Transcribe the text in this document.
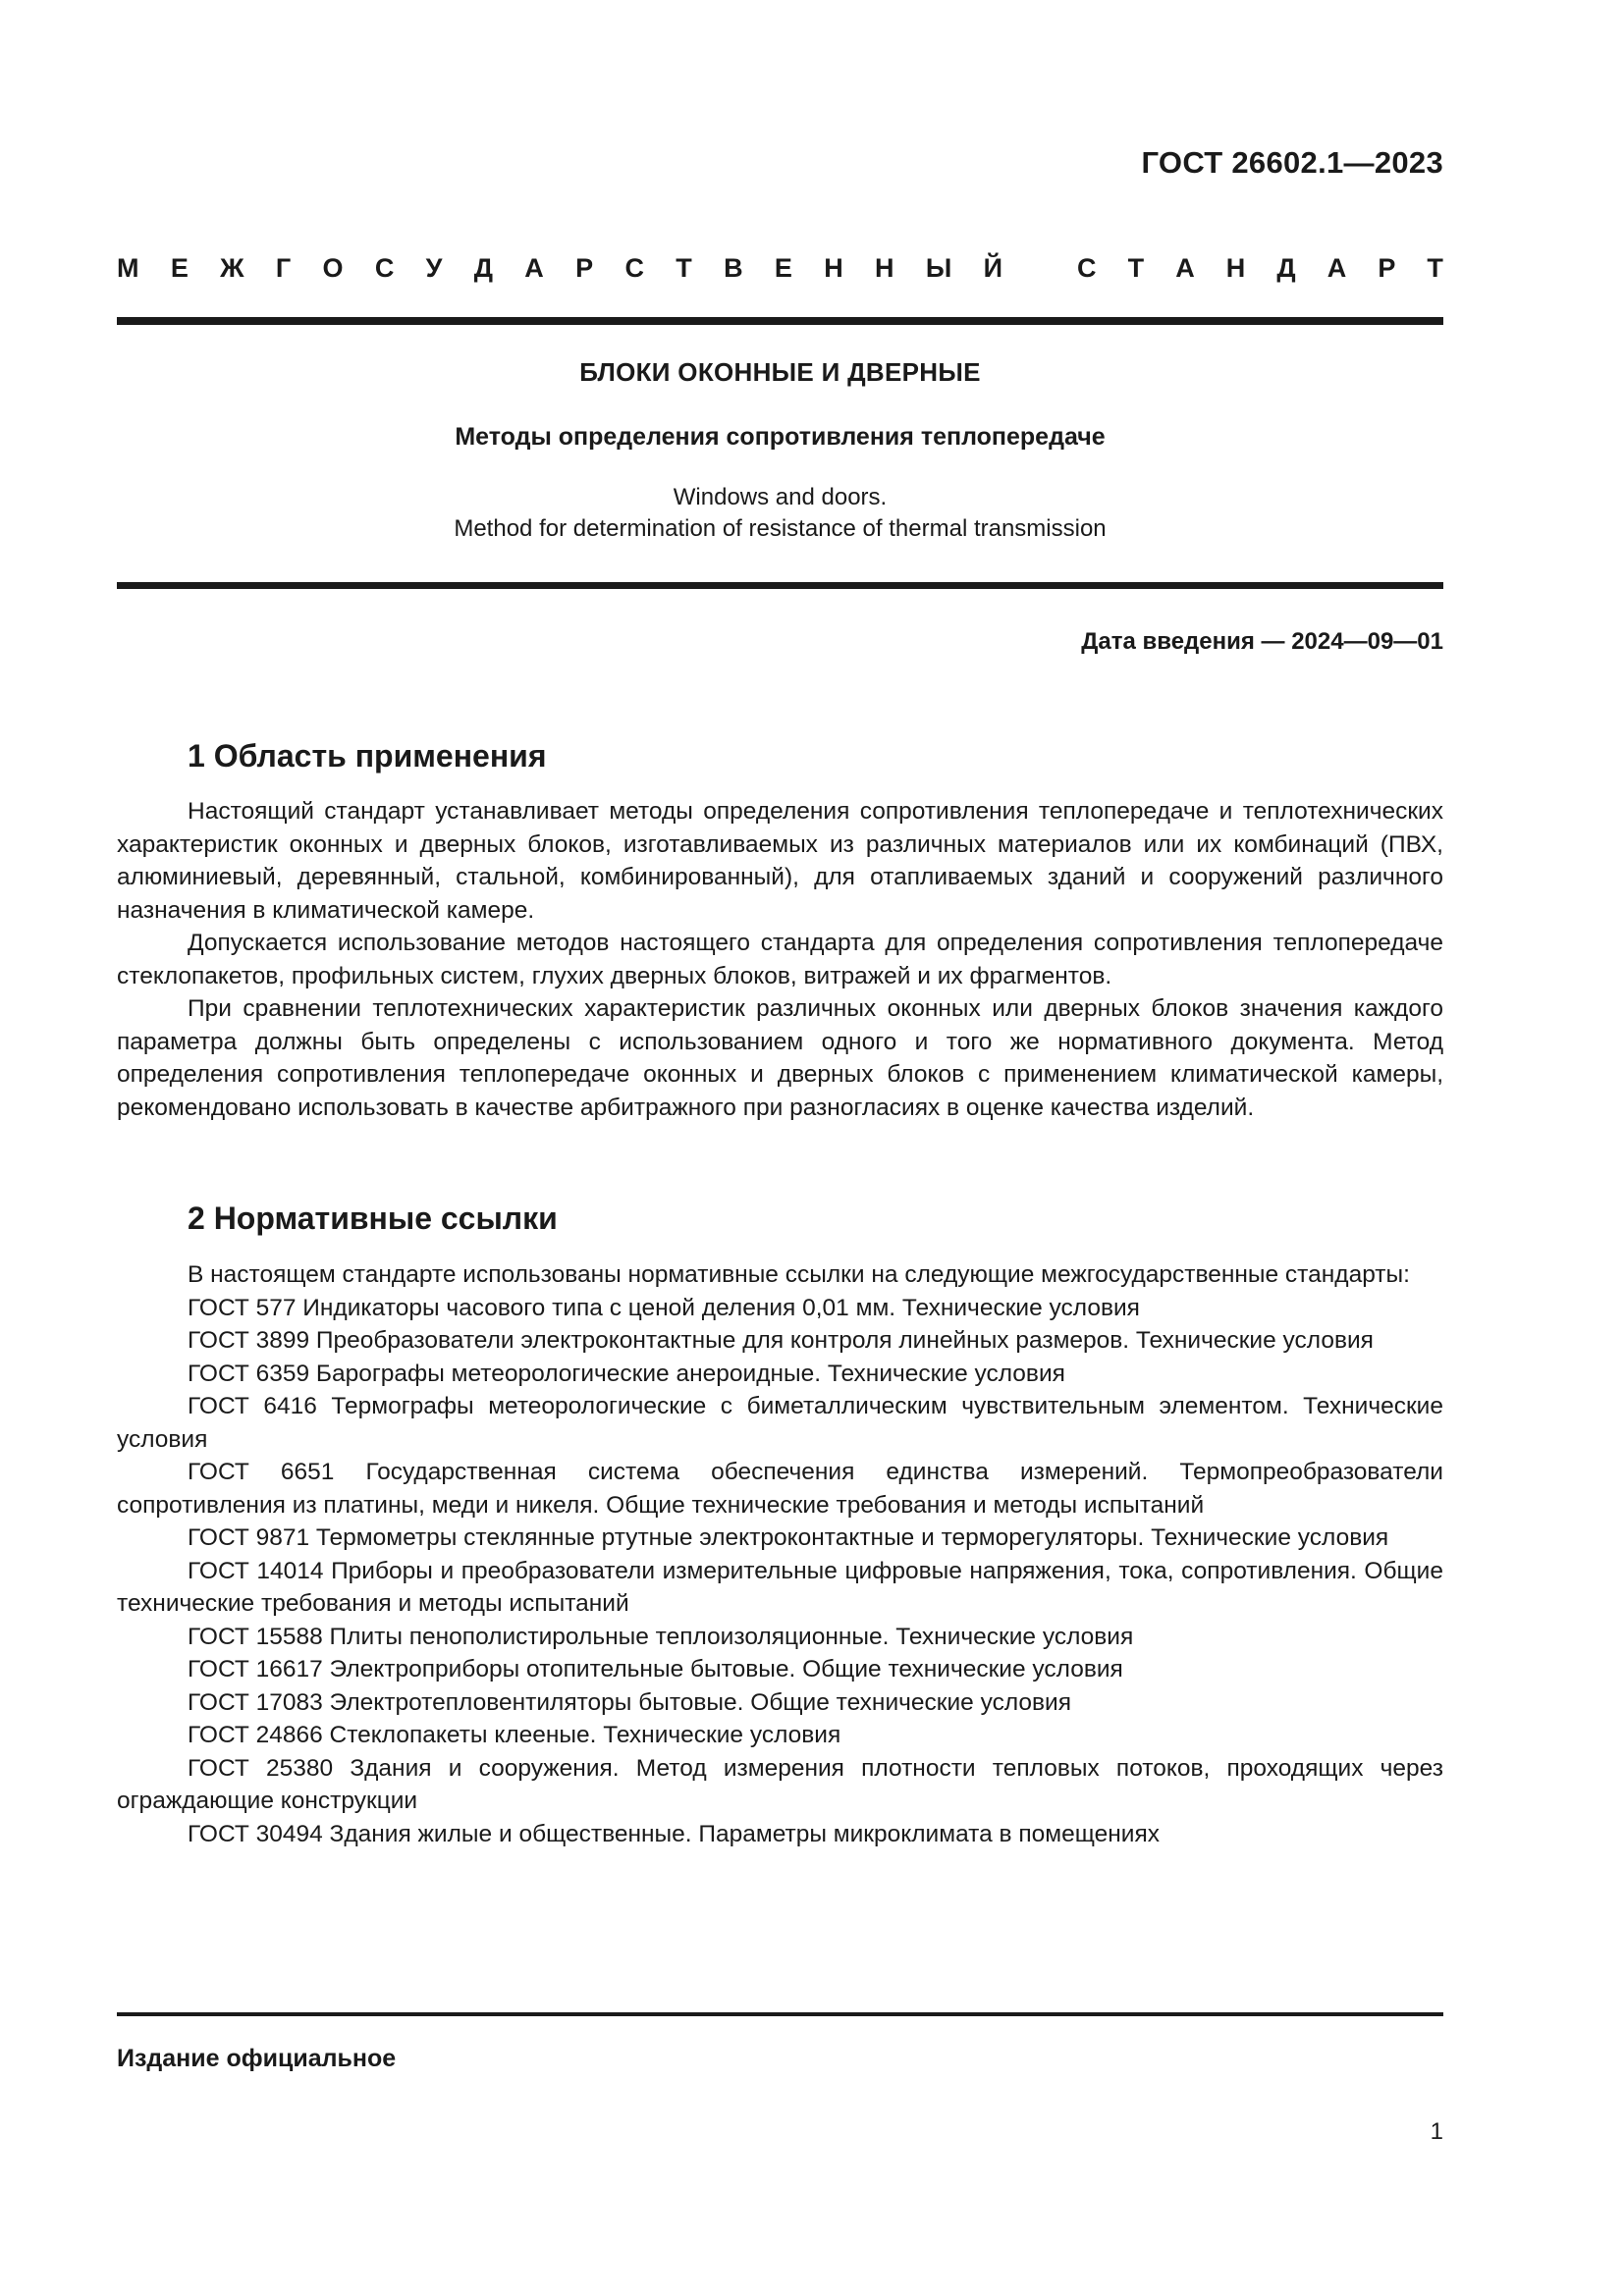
ГОСТ 26602.1—2023
М Е Ж Г О С У Д А Р С Т В Е Н Н Ы Й	С Т А Н Д А Р Т
БЛОКИ ОКОННЫЕ И ДВЕРНЫЕ
Методы определения сопротивления теплопередаче
Windows and doors.
Method for determination of resistance of thermal transmission
Дата введения — 2024—09—01
1 Область применения

Настоящий стандарт устанавливает методы определения сопротивления теплопередаче и теплотехнических характеристик оконных и дверных блоков, изготавливаемых из различных материалов или их комбинаций (ПВХ, алюминиевый, деревянный, стальной, комбинированный), для отапливаемых зданий и сооружений различного назначения в климатической камере.

Допускается использование методов настоящего стандарта для определения сопротивления теплопередаче стеклопакетов, профильных систем, глухих дверных блоков, витражей и их фрагментов.

При сравнении теплотехнических характеристик различных оконных или дверных блоков значения каждого параметра должны быть определены с использованием одного и того же нормативного документа. Метод определения сопротивления теплопередаче оконных и дверных блоков с применением климатической камеры, рекомендовано использовать в качестве арбитражного при разногласиях в оценке качества изделий.

2 Нормативные ссылки

В настоящем стандарте использованы нормативные ссылки на следующие межгосударственные стандарты:

ГОСТ 577 Индикаторы часового типа с ценой деления 0,01 мм. Технические условия
ГОСТ 3899 Преобразователи электроконтактные для контроля линейных размеров. Технические условия
ГОСТ 6359 Барографы метеорологические анероидные. Технические условия
ГОСТ 6416 Термографы метеорологические с биметаллическим чувствительным элементом. Технические условия
ГОСТ 6651 Государственная система обеспечения единства измерений. Термопреобразователи сопротивления из платины, меди и никеля. Общие технические требования и методы испытаний
ГОСТ 9871 Термометры стеклянные ртутные электроконтактные и терморегуляторы. Технические условия
ГОСТ 14014 Приборы и преобразователи измерительные цифровые напряжения, тока, сопротивления. Общие технические требования и методы испытаний
ГОСТ 15588 Плиты пенополистирольные теплоизоляционные. Технические условия
ГОСТ 16617 Электроприборы отопительные бытовые. Общие технические условия
ГОСТ 17083 Электротепловентиляторы бытовые. Общие технические условия
ГОСТ 24866 Стеклопакеты клееные. Технические условия
ГОСТ 25380 Здания и сооружения. Метод измерения плотности тепловых потоков, проходящих через ограждающие конструкции
ГОСТ 30494 Здания жилые и общественные. Параметры микроклимата в помещениях
Издание официальное
1
